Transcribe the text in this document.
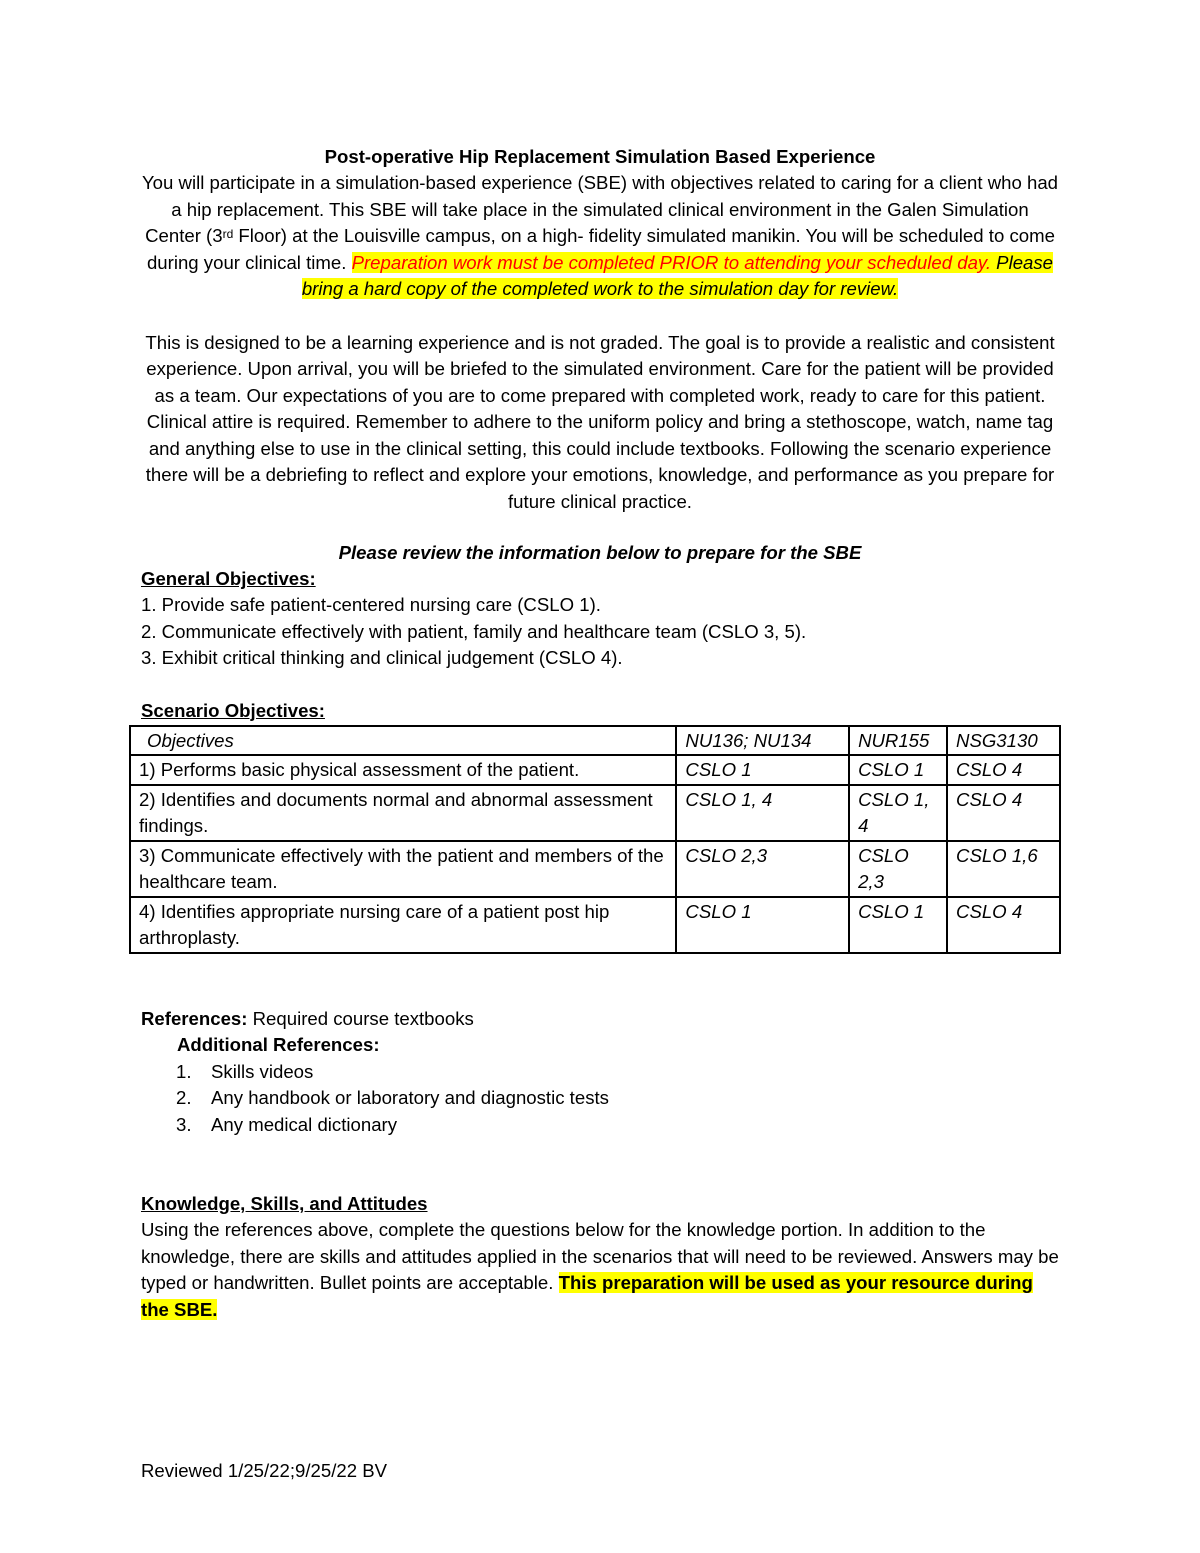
Post-operative Hip Replacement Simulation Based Experience

You will participate in a simulation-based experience (SBE) with objectives related to caring for a client who had a hip replacement. This SBE will take place in the simulated clinical environment in the Galen Simulation Center (3rd Floor) at the Louisville campus, on a high- fidelity simulated manikin. You will be scheduled to come during your clinical time. Preparation work must be completed PRIOR to attending your scheduled day. Please bring a hard copy of the completed work to the simulation day for review.

This is designed to be a learning experience and is not graded. The goal is to provide a realistic and consistent experience. Upon arrival, you will be briefed to the simulated environment. Care for the patient will be provided as a team. Our expectations of you are to come prepared with completed work, ready to care for this patient. Clinical attire is required. Remember to adhere to the uniform policy and bring a stethoscope, watch, name tag and anything else to use in the clinical setting, this could include textbooks. Following the scenario experience there will be a debriefing to reflect and explore your emotions, knowledge, and performance as you prepare for future clinical practice.

Please review the information below to prepare for the SBE

General Objectives:
1. Provide safe patient-centered nursing care (CSLO 1).
2. Communicate effectively with patient, family and healthcare team (CSLO 3, 5).
3. Exhibit critical thinking and clinical judgement (CSLO 4).
Scenario Objectives:
Objectives	NU136; NU134	NUR155	NSG3130
1) Performs basic physical assessment of the patient.	CSLO 1	CSLO 1	CSLO 4
2) Identifies and documents normal and abnormal assessment findings.	CSLO 1, 4	CSLO 1, 4	CSLO 4
3) Communicate effectively with the patient and members of the healthcare team.	CSLO 2,3	CSLO 2,3	CSLO 1,6
4) Identifies appropriate nursing care of a patient post hip arthroplasty.	CSLO 1	CSLO 1	CSLO 4
References: Required course textbooks
Additional References:
1. Skills videos
2. Any handbook or laboratory and diagnostic tests
3. Any medical dictionary
Knowledge, Skills, and Attitudes
Using the references above, complete the questions below for the knowledge portion. In addition to the knowledge, there are skills and attitudes applied in the scenarios that will need to be reviewed. Answers may be typed or handwritten. Bullet points are acceptable. This preparation will be used as your resource during the SBE.
Reviewed 1/25/22;9/25/22 BV
